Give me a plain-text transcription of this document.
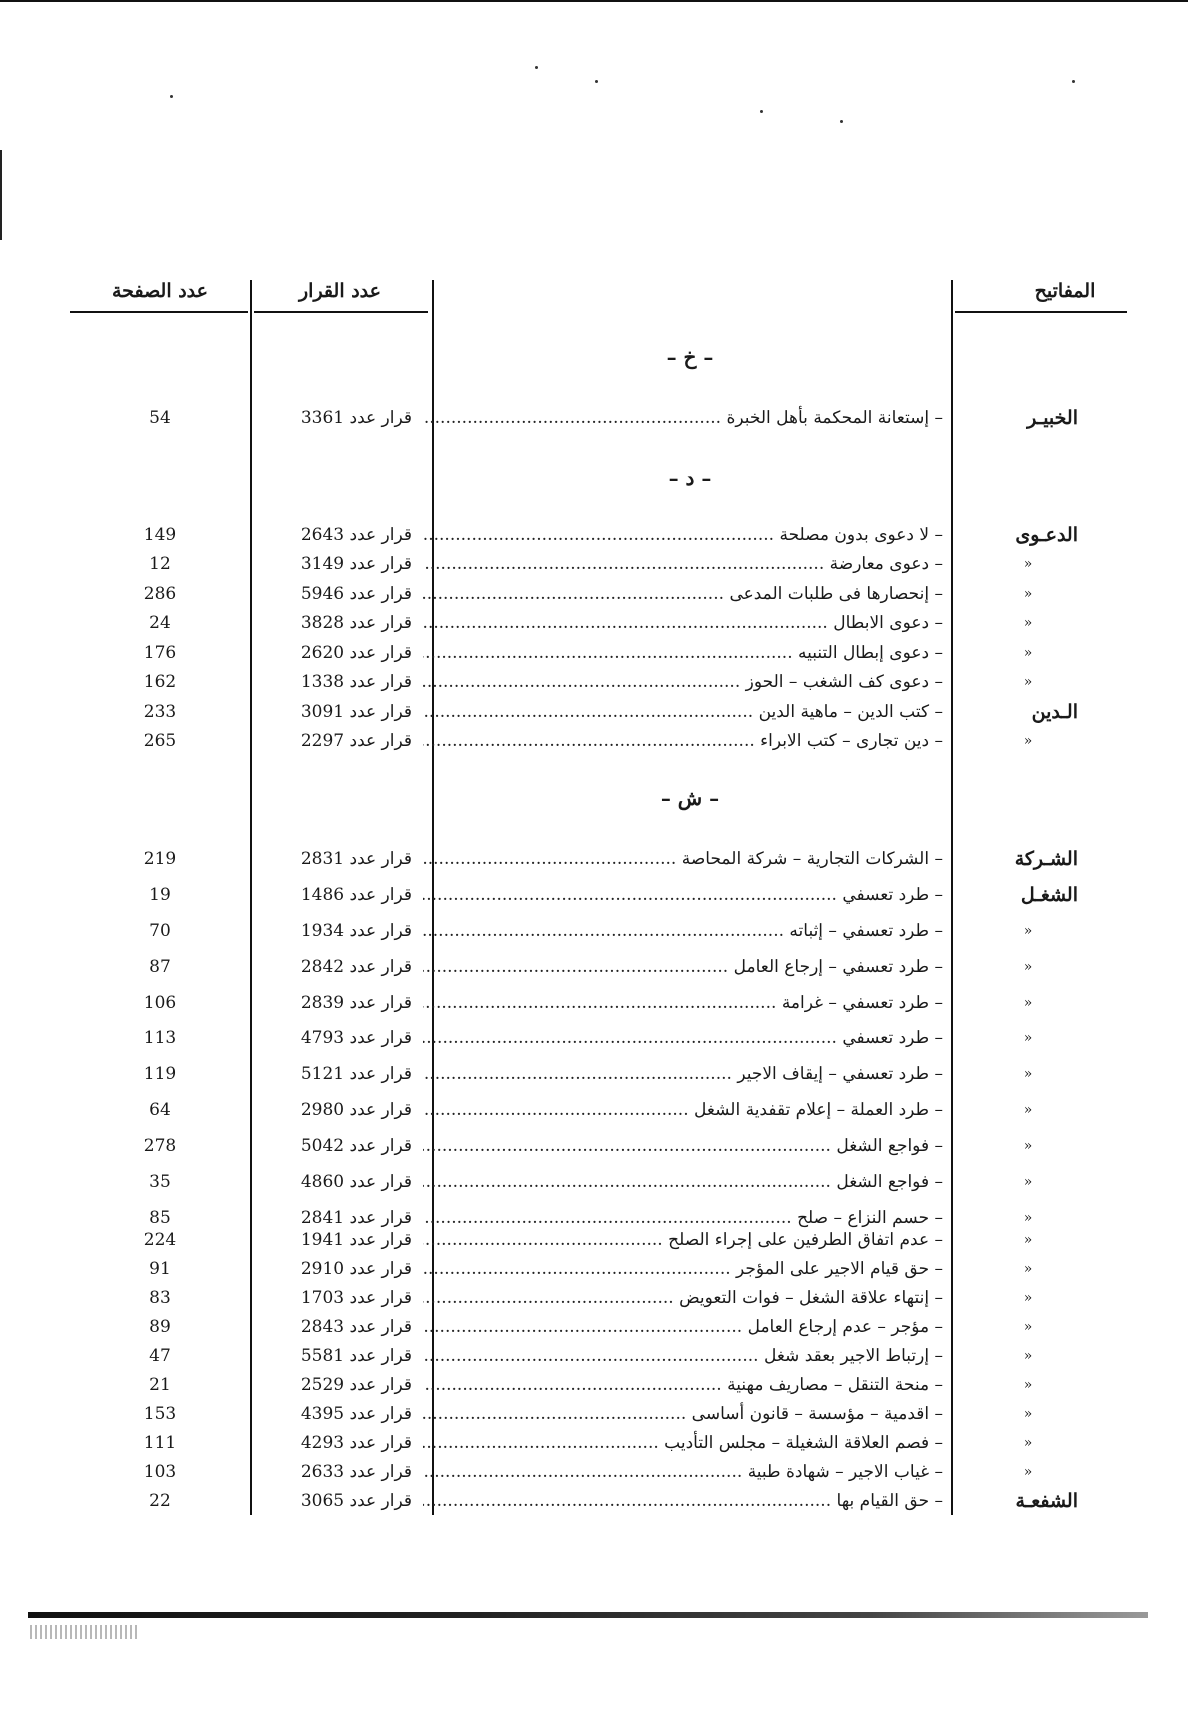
المفاتيح
عدد القرار
عدد الصفحة
– خ –
الخبيـر
– إستعانة المحكمة بأهل الخبرة .....
قرار عدد 3361
54
– د –
الدعـوى
– لا دعوى بدون مصلحة .....
قرار عدد 2643
149
»
– دعوى معارضة .....
قرار عدد 3149
12
»
– إنحصارها فى طلبات المدعى .....
قرار عدد 5946
286
»
– دعوى الابطال .....
قرار عدد 3828
24
»
– دعوى إبطال التنبيه .....
قرار عدد 2620
176
»
– دعوى كف الشغب – الحوز .....
قرار عدد 1338
162
الـدين
– كتب الدين – ماهية الدين .....
قرار عدد 3091
233
»
– دين تجارى – كتب الابراء .....
قرار عدد 2297
265
– ش –
الشـركة
– الشركات التجارية – شركة المحاصة .....
قرار عدد 2831
219
الشغـل
– طرد تعسفي .....
قرار عدد 1486
19
»
– طرد تعسفي – إثباته .....
قرار عدد 1934
70
»
– طرد تعسفي – إرجاع العامل .....
قرار عدد 2842
87
»
– طرد تعسفي – غرامة .....
قرار عدد 2839
106
»
– طرد تعسفي .....
قرار عدد 4793
113
»
– طرد تعسفي – إيقاف الاجير .....
قرار عدد 5121
119
»
– طرد العملة – إعلام تقفدية الشغل .....
قرار عدد 2980
64
»
– فواجع الشغل .....
قرار عدد 5042
278
»
– فواجع الشغل .....
قرار عدد 4860
35
»
– حسم النزاع – صلح .....
قرار عدد 2841
85
»
– عدم اتفاق الطرفين على إجراء الصلح .....
قرار عدد 1941
224
»
– حق قيام الاجير على المؤجر .....
قرار عدد 2910
91
»
– إنتهاء علاقة الشغل – فوات التعويض .....
قرار عدد 1703
83
»
– مؤجر – عدم إرجاع العامل .....
قرار عدد 2843
89
»
– إرتباط الاجير بعقد شغل .....
قرار عدد 5581
47
»
– منحة التنقل – مصاريف مهنية .....
قرار عدد 2529
21
»
– اقدمية – مؤسسة – قانون أساسى .....
قرار عدد 4395
153
»
– فصم العلاقة الشغيلة – مجلس التأديب .....
قرار عدد 4293
111
»
– غياب الاجير – شهادة طبية .....
قرار عدد 2633
103
الشفعـة
– حق القيام بها .....
قرار عدد 3065
22
